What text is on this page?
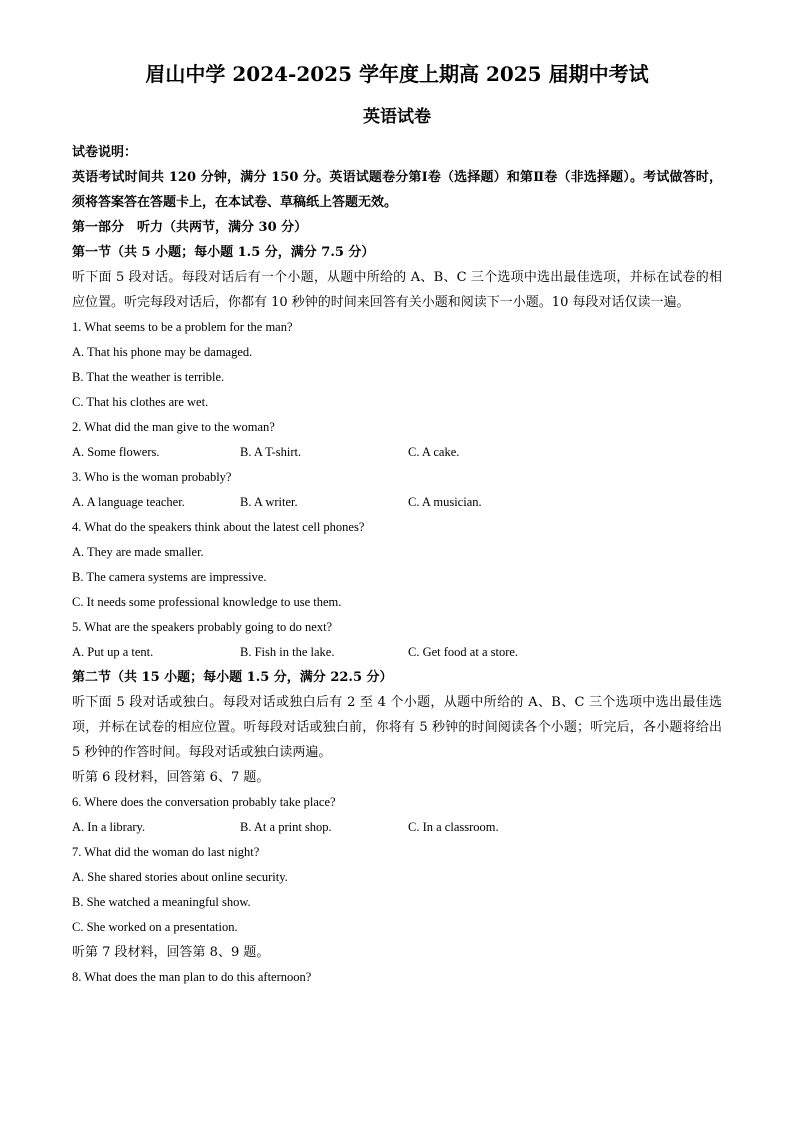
眉山中学 2024-2025 学年度上期高 2025 届期中考试
英语试卷
试卷说明：
英语考试时间共 120 分钟，满分 150 分。英语试题卷分第Ⅰ卷（选择题）和第Ⅱ卷（非选择题）。考试做答时，须将答案答在答题卡上，在本试卷、草稿纸上答题无效。
第一部分　听力（共两节，满分 30 分）
第一节（共 5 小题；每小题 1.5 分，满分 7.5 分）
听下面 5 段对话。每段对话后有一个小题，从题中所给的 A、B、C 三个选项中选出最佳选项，并标在试卷的相应位置。听完每段对话后，你都有 10 秒钟的时间来回答有关小题和阅读下一小题。10 每段对话仅读一遍。
1. What seems to be a problem for the man?
A. That his phone may be damaged.
B. That the weather is terrible.
C. That his clothes are wet.
2. What did the man give to the woman?
A. Some flowers.	B. A T-shirt.	C. A cake.
3. Who is the woman probably?
A. A language teacher.	B. A writer.	C. A musician.
4. What do the speakers think about the latest cell phones?
A. They are made smaller.
B. The camera systems are impressive.
C. It needs some professional knowledge to use them.
5. What are the speakers probably going to do next?
A. Put up a tent.	B. Fish in the lake.	C. Get food at a store.
第二节（共 15 小题；每小题 1.5 分，满分 22.5 分）
听下面 5 段对话或独白。每段对话或独白后有 2 至 4 个小题，从题中所给的 A、B、C 三个选项中选出最佳选项，并标在试卷的相应位置。听每段对话或独白前，你将有 5 秒钟的时间阅读各个小题；听完后，各小题将给出 5 秒钟的作答时间。每段对话或独白读两遍。
听第 6 段材料，回答第 6、7 题。
6. Where does the conversation probably take place?
A. In a library.	B. At a print shop.	C. In a classroom.
7. What did the woman do last night?
A. She shared stories about online security.
B. She watched a meaningful show.
C. She worked on a presentation.
听第 7 段材料，回答第 8、9 题。
8. What does the man plan to do this afternoon?
